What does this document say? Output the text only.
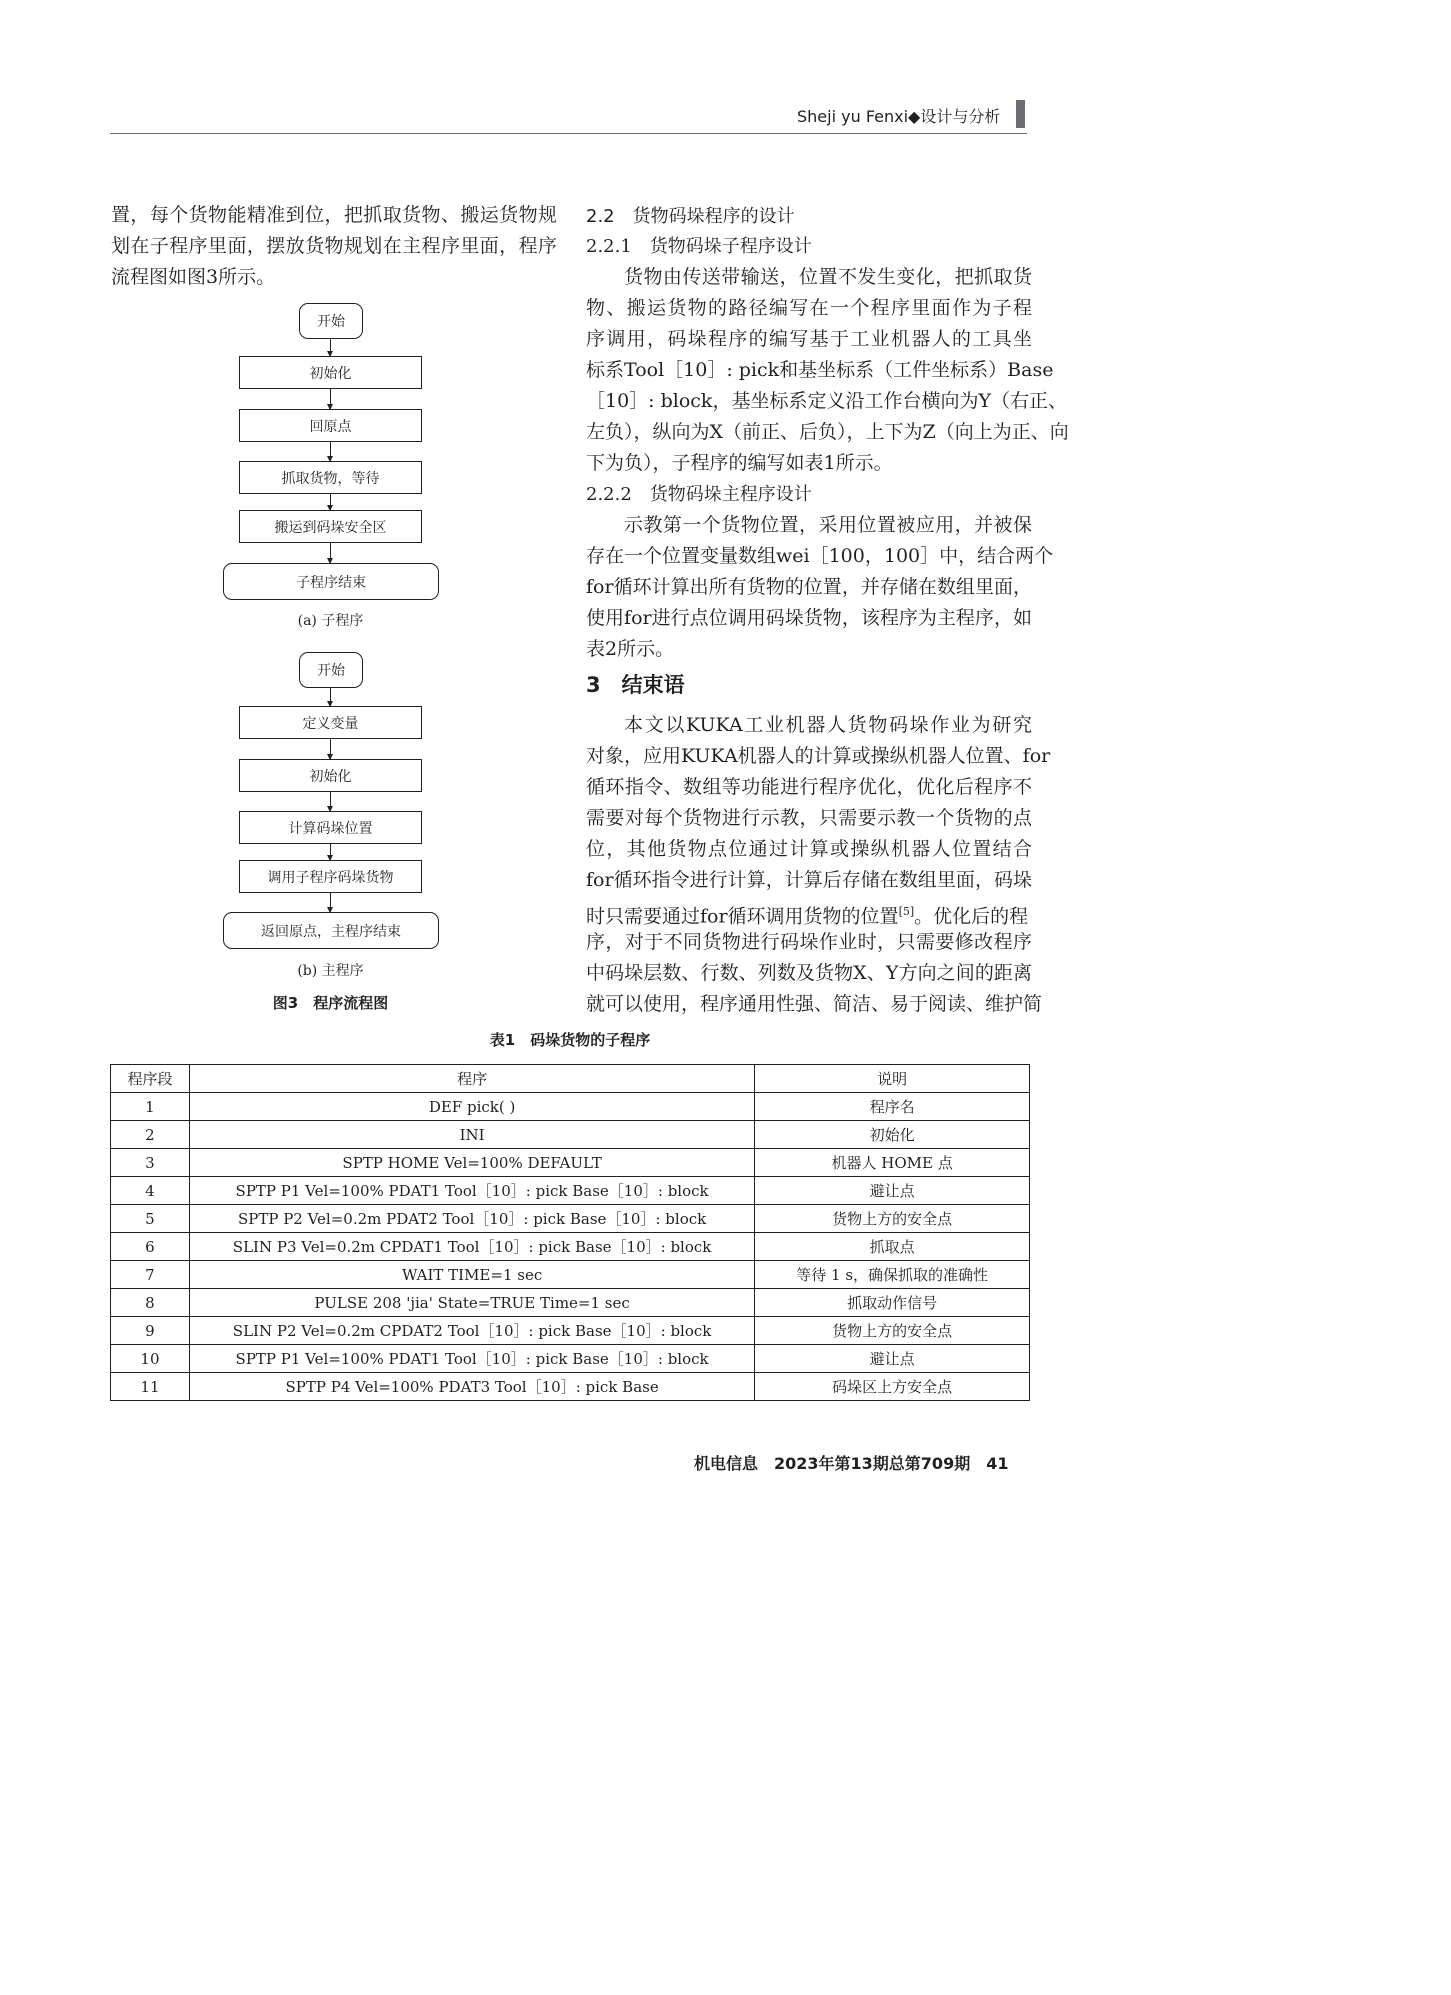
Sheji yu Fenxi◆设计与分析
置，每个货物能精准到位，把抓取货物、搬运货物规
划在子程序里面，摆放货物规划在主程序里面，程序
流程图如图3所示。
开始
初始化
回原点
抓取货物，等待
搬运到码垛安全区
子程序结束
(a) 子程序
开始
定义变量
初始化
计算码垛位置
调用子程序码垛货物
返回原点，主程序结束
(b) 主程序
图3　程序流程图
2.2　货物码垛程序的设计
2.2.1　货物码垛子程序设计
货物由传送带输送，位置不发生变化，把抓取货
物、搬运货物的路径编写在一个程序里面作为子程
序调用，码垛程序的编写基于工业机器人的工具坐
标系Tool［10］: pick和基坐标系（工件坐标系）Base
［10］: block，基坐标系定义沿工作台横向为Y（右正、
左负），纵向为X（前正、后负），上下为Z（向上为正、向
下为负），子程序的编写如表1所示。
2.2.2　货物码垛主程序设计
示教第一个货物位置，采用位置被应用，并被保
存在一个位置变量数组wei［100，100］中，结合两个
for循环计算出所有货物的位置，并存储在数组里面，
使用for进行点位调用码垛货物，该程序为主程序，如
表2所示。
3　结束语
本文以KUKA工业机器人货物码垛作业为研究
对象，应用KUKA机器人的计算或操纵机器人位置、for
循环指令、数组等功能进行程序优化，优化后程序不
需要对每个货物进行示教，只需要示教一个货物的点
位，其他货物点位通过计算或操纵机器人位置结合
for循环指令进行计算，计算后存储在数组里面，码垛
时只需要通过for循环调用货物的位置[5]。优化后的程
序，对于不同货物进行码垛作业时，只需要修改程序
中码垛层数、行数、列数及货物X、Y方向之间的距离
就可以使用，程序通用性强、简洁、易于阅读、维护简
表1　码垛货物的子程序
程序段	程序	说明
1	DEF pick( )	程序名
2	INI	初始化
3	SPTP HOME Vel=100% DEFAULT	机器人 HOME 点
4	SPTP P1 Vel=100% PDAT1 Tool［10］: pick Base［10］: block	避让点
5	SPTP P2 Vel=0.2m PDAT2 Tool［10］: pick Base［10］: block	货物上方的安全点
6	SLIN P3 Vel=0.2m CPDAT1 Tool［10］: pick Base［10］: block	抓取点
7	WAIT TIME=1 sec	等待 1 s，确保抓取的准确性
8	PULSE 208 'jia' State=TRUE Time=1 sec	抓取动作信号
9	SLIN P2 Vel=0.2m CPDAT2 Tool［10］: pick Base［10］: block	货物上方的安全点
10	SPTP P1 Vel=100% PDAT1 Tool［10］: pick Base［10］: block	避让点
11	SPTP P4 Vel=100% PDAT3 Tool［10］: pick Base	码垛区上方安全点
机电信息　2023年第13期总第709期　41
